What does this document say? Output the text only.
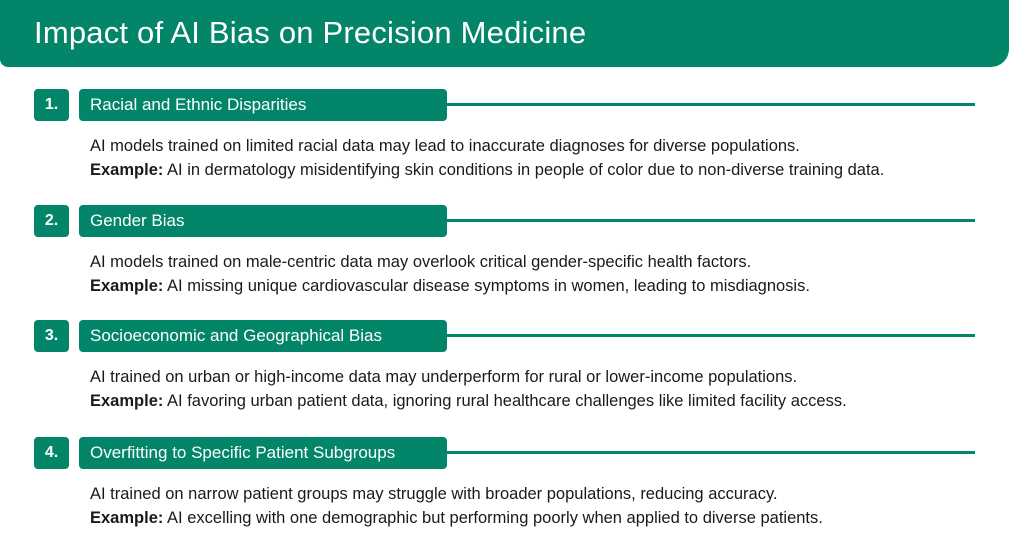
Impact of AI Bias on Precision Medicine
1.	Racial and Ethnic Disparities
AI models trained on limited racial data may lead to inaccurate diagnoses for diverse populations.
Example: AI in dermatology misidentifying skin conditions in people of color due to non-diverse training data.
2.	Gender Bias
AI models trained on male-centric data may overlook critical gender-specific health factors.
Example: AI missing unique cardiovascular disease symptoms in women, leading to misdiagnosis.
3.	Socioeconomic and Geographical Bias
AI trained on urban or high-income data may underperform for rural or lower-income populations.
Example: AI favoring urban patient data, ignoring rural healthcare challenges like limited facility access.
4.	Overfitting to Specific Patient Subgroups
AI trained on narrow patient groups may struggle with broader populations, reducing accuracy.
Example: AI excelling with one demographic but performing poorly when applied to diverse patients.
